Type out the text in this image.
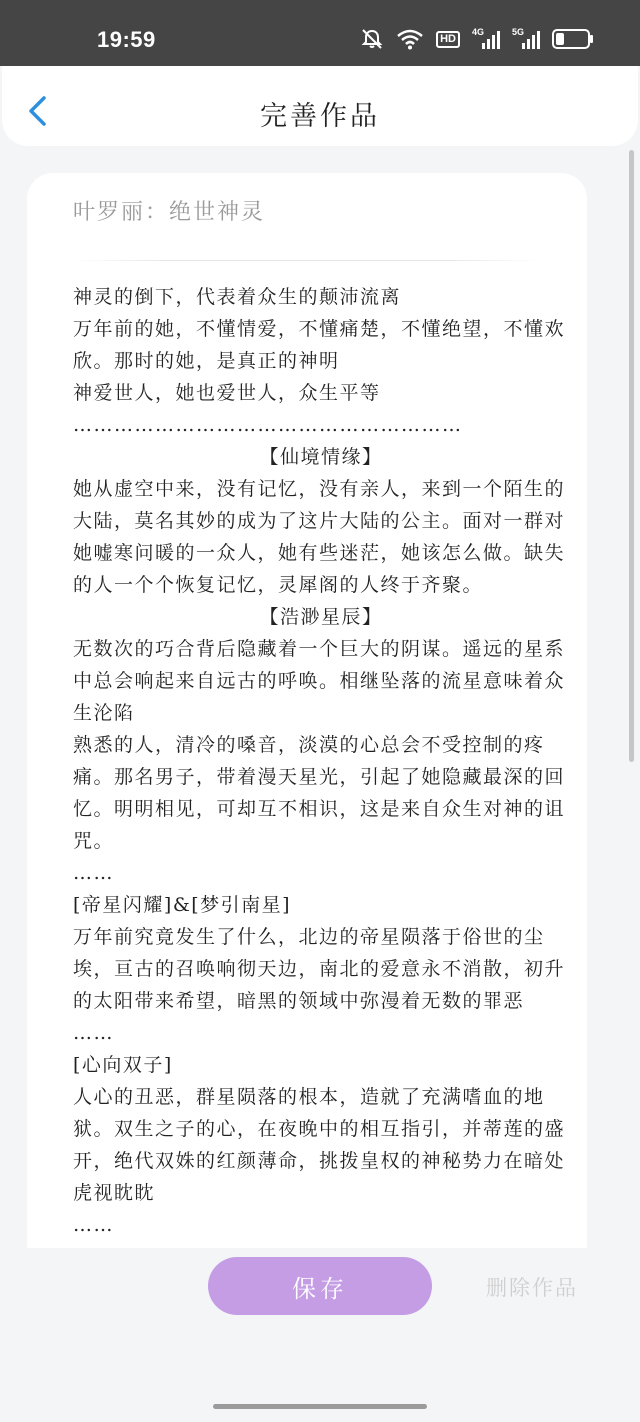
19:59	HD
4G	5G
完善作品
叶罗丽：绝世神灵

神灵的倒下，代表着众生的颠沛流离

万年前的她，不懂情爱，不懂痛楚，不懂绝望，不懂欢欣。那时的她，是真正的神明

神爱世人，她也爱世人，众生平等

…………………………………………………

【仙境情缘】

她从虚空中来，没有记忆，没有亲人，来到一个陌生的大陆，莫名其妙的成为了这片大陆的公主。面对一群对她嘘寒问暖的一众人，她有些迷茫，她该怎么做。缺失的人一个个恢复记忆，灵犀阁的人终于齐聚。

【浩渺星辰】

无数次的巧合背后隐藏着一个巨大的阴谋。遥远的星系中总会响起来自远古的呼唤。相继坠落的流星意味着众生沦陷

熟悉的人，清冷的嗓音，淡漠的心总会不受控制的疼痛。那名男子，带着漫天星光，引起了她隐藏最深的回忆。明明相见，可却互不相识，这是来自众生对神的诅咒。

……

[帝星闪耀]&[梦引南星]

万年前究竟发生了什么，北边的帝星陨落于俗世的尘埃，亘古的召唤响彻天边，南北的爱意永不消散，初升的太阳带来希望，暗黑的领域中弥漫着无数的罪恶

……

[心向双子]

人心的丑恶，群星陨落的根本，造就了充满嗜血的地狱。双生之子的心，在夜晚中的相互指引，并蒂莲的盛开，绝代双姝的红颜薄命，挑拨皇权的神秘势力在暗处虎视眈眈

……

保存	删除作品
